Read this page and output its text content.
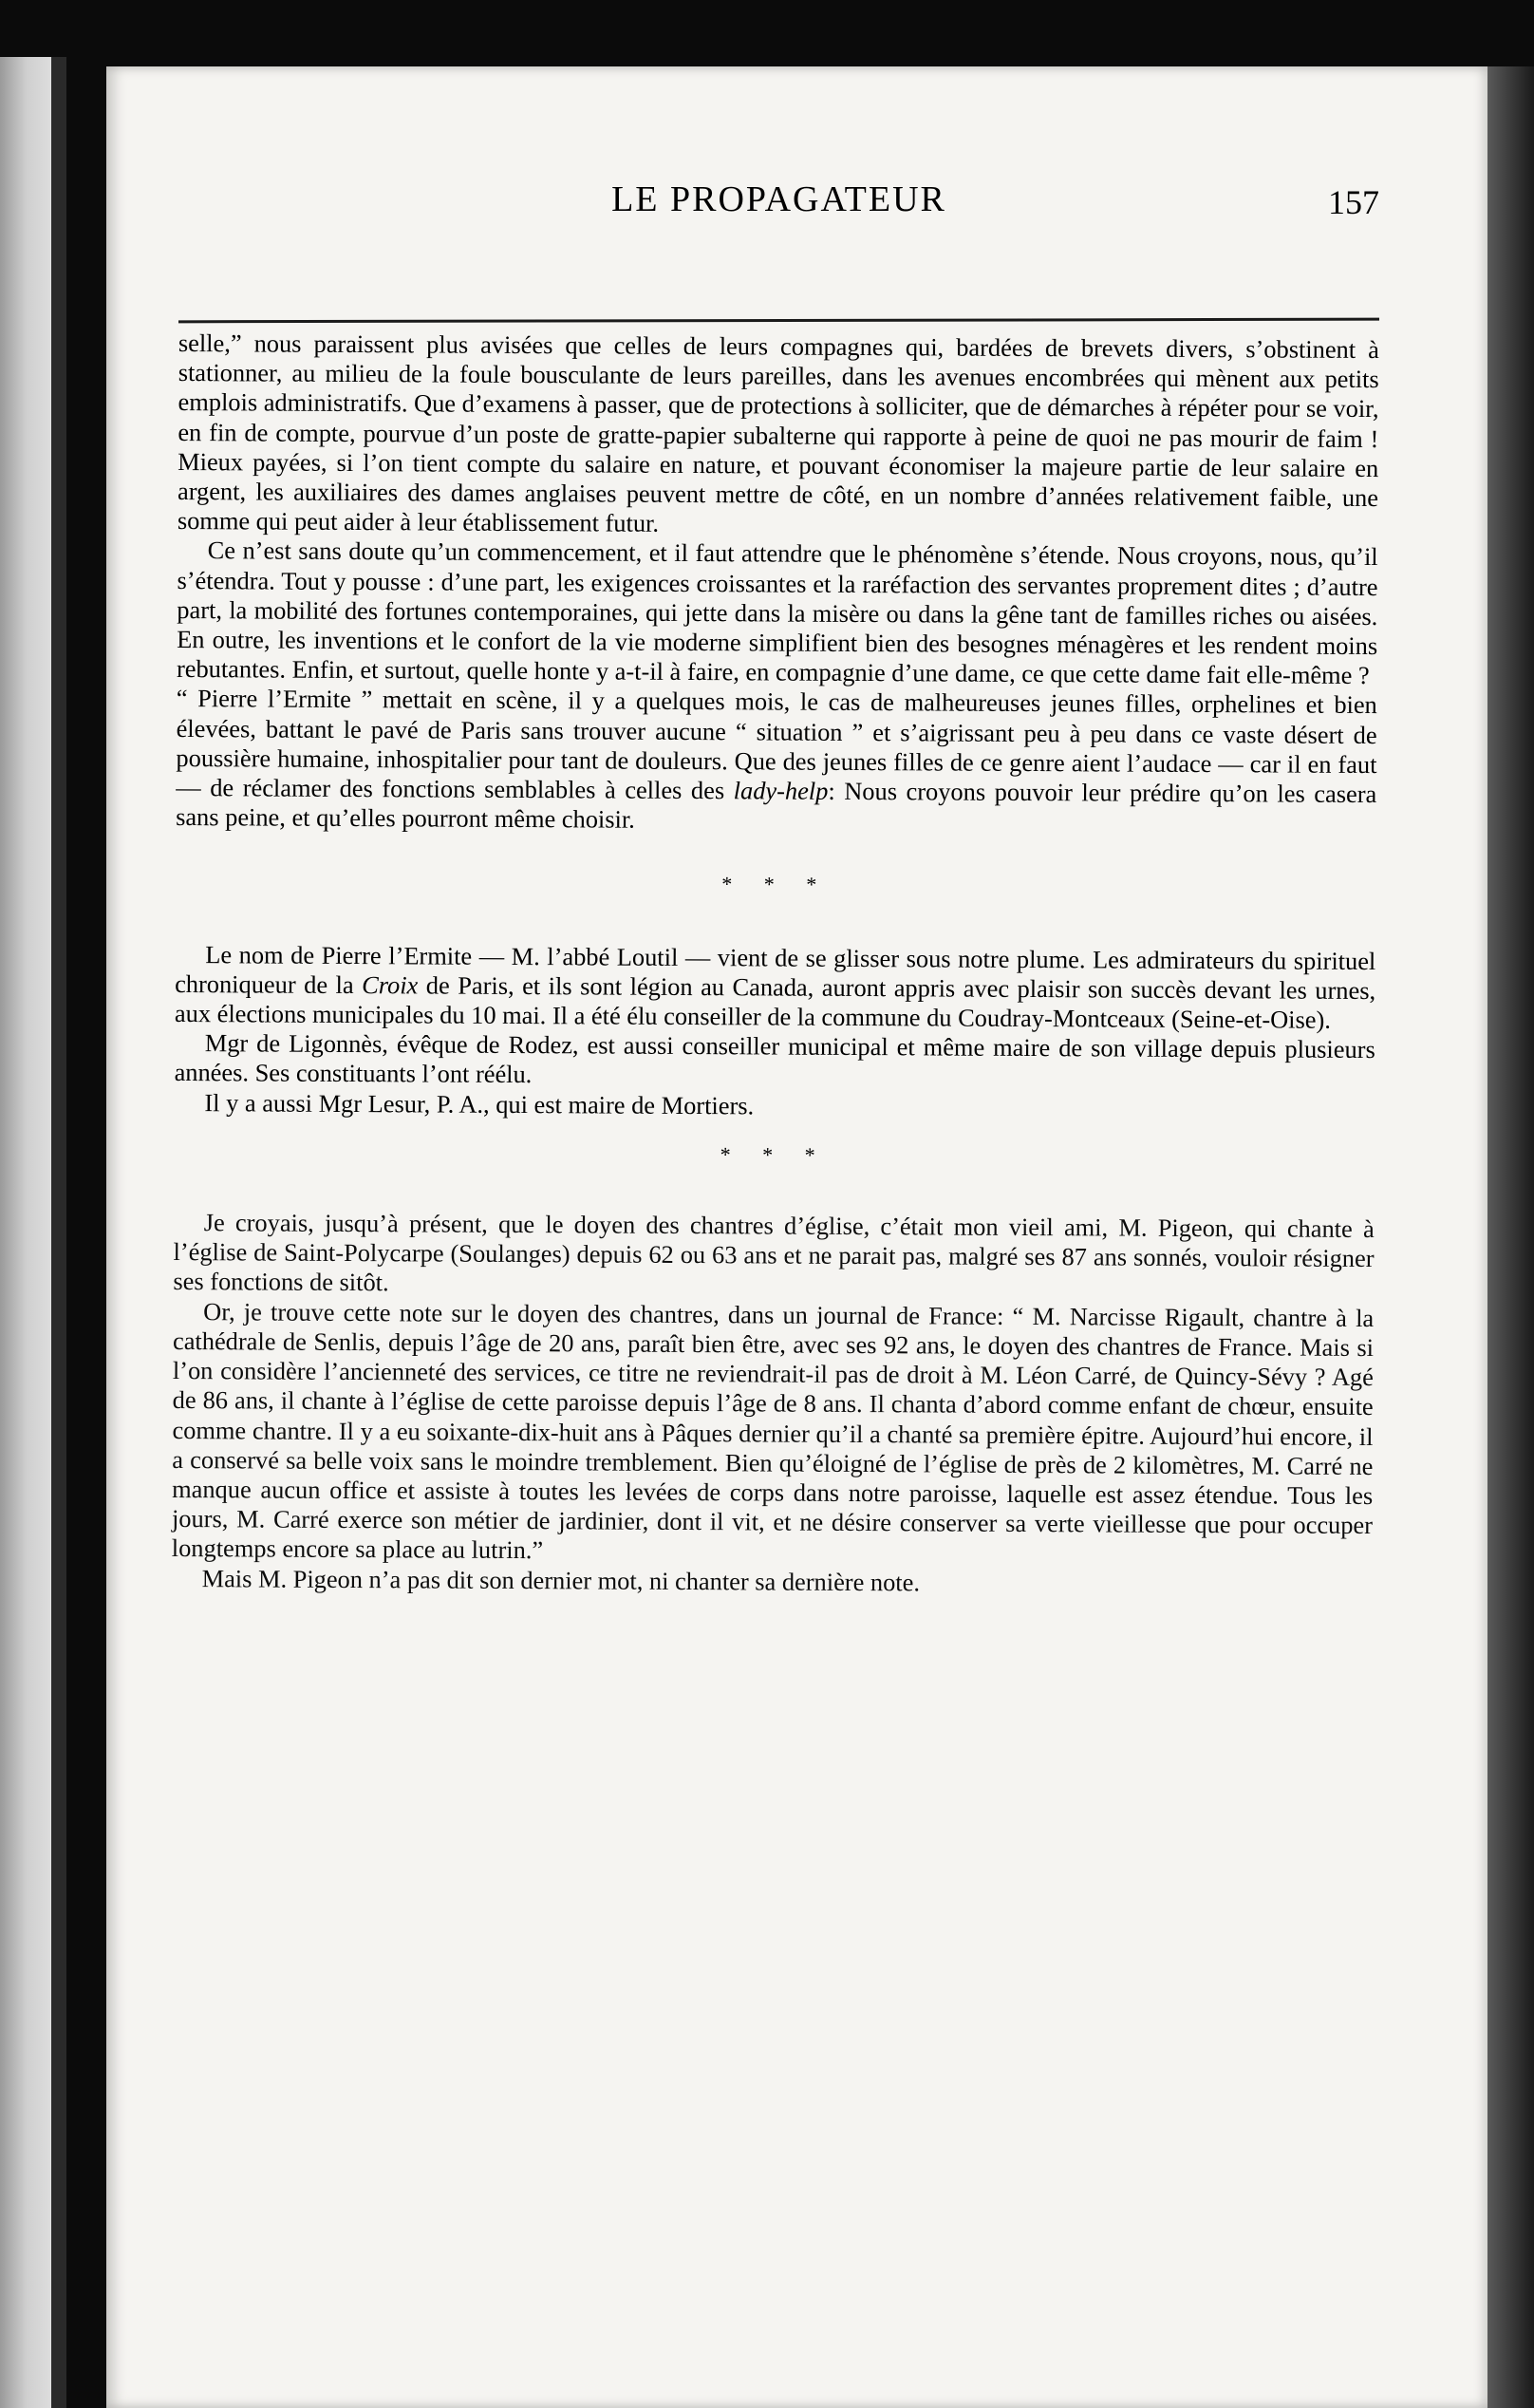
LE PROPAGATEUR	157

selle,” nous paraissent plus avisées que celles de leurs compagnes qui, bardées de brevets divers, s’obstinent à stationner, au milieu de la foule bousculante de leurs pareilles, dans les avenues encombrées qui mènent aux petits emplois administratifs. Que d’examens à passer, que de protections à solliciter, que de démarches à répéter pour se voir, en fin de compte, pourvue d’un poste de gratte-papier subalterne qui rapporte à peine de quoi ne pas mourir de faim ! Mieux payées, si l’on tient compte du salaire en nature, et pouvant économiser la majeure partie de leur salaire en argent, les auxiliaires des dames anglaises peuvent mettre de côté, en un nombre d’années relativement faible, une somme qui peut aider à leur établissement futur.

Ce n’est sans doute qu’un commencement, et il faut attendre que le phénomène s’étende. Nous croyons, nous, qu’il s’étendra. Tout y pousse : d’une part, les exigences croissantes et la raréfaction des servantes proprement dites ; d’autre part, la mobilité des fortunes contemporaines, qui jette dans la misère ou dans la gêne tant de familles riches ou aisées. En outre, les inventions et le confort de la vie moderne simplifient bien des besognes ménagères et les rendent moins rebutantes. Enfin, et surtout, quelle honte y a-t-il à faire, en compagnie d’une dame, ce que cette dame fait elle-même ?

“ Pierre l’Ermite ” mettait en scène, il y a quelques mois, le cas de malheureuses jeunes filles, orphelines et bien élevées, battant le pavé de Paris sans trouver aucune “ situation ” et s’aigrissant peu à peu dans ce vaste désert de poussière humaine, inhospitalier pour tant de douleurs. Que des jeunes filles de ce genre aient l’audace — car il en faut — de réclamer des fonctions semblables à celles des lady-help: Nous croyons pouvoir leur prédire qu’on les casera sans peine, et qu’elles pourront même choisir.

* * *

Le nom de Pierre l’Ermite — M. l’abbé Loutil — vient de se glisser sous notre plume. Les admirateurs du spirituel chroniqueur de la Croix de Paris, et ils sont légion au Canada, auront appris avec plaisir son succès devant les urnes, aux élections municipales du 10 mai. Il a été élu conseiller de la commune du Coudray-Montceaux (Seine-et-Oise).

Mgr de Ligonnès, évêque de Rodez, est aussi conseiller municipal et même maire de son village depuis plusieurs années. Ses constituants l’ont réélu.

Il y a aussi Mgr Lesur, P. A., qui est maire de Mortiers.

* * *

Je croyais, jusqu’à présent, que le doyen des chantres d’église, c’était mon vieil ami, M. Pigeon, qui chante à l’église de Saint-Polycarpe (Soulanges) depuis 62 ou 63 ans et ne parait pas, malgré ses 87 ans sonnés, vouloir résigner ses fonctions de sitôt.

Or, je trouve cette note sur le doyen des chantres, dans un journal de France: “ M. Narcisse Rigault, chantre à la cathédrale de Senlis, depuis l’âge de 20 ans, paraît bien être, avec ses 92 ans, le doyen des chantres de France. Mais si l’on considère l’ancienneté des services, ce titre ne reviendrait-il pas de droit à M. Léon Carré, de Quincy-Sévy ? Agé de 86 ans, il chante à l’église de cette paroisse depuis l’âge de 8 ans. Il chanta d’abord comme enfant de chœur, ensuite comme chantre. Il y a eu soixante-dix-huit ans à Pâques dernier qu’il a chanté sa première épitre. Aujourd’hui encore, il a conservé sa belle voix sans le moindre tremblement. Bien qu’éloigné de l’église de près de 2 kilomètres, M. Carré ne manque aucun office et assiste à toutes les levées de corps dans notre paroisse, laquelle est assez étendue. Tous les jours, M. Carré exerce son métier de jardinier, dont il vit, et ne désire conserver sa verte vieillesse que pour occuper longtemps encore sa place au lutrin.”

Mais M. Pigeon n’a pas dit son dernier mot, ni chanter sa dernière note.
